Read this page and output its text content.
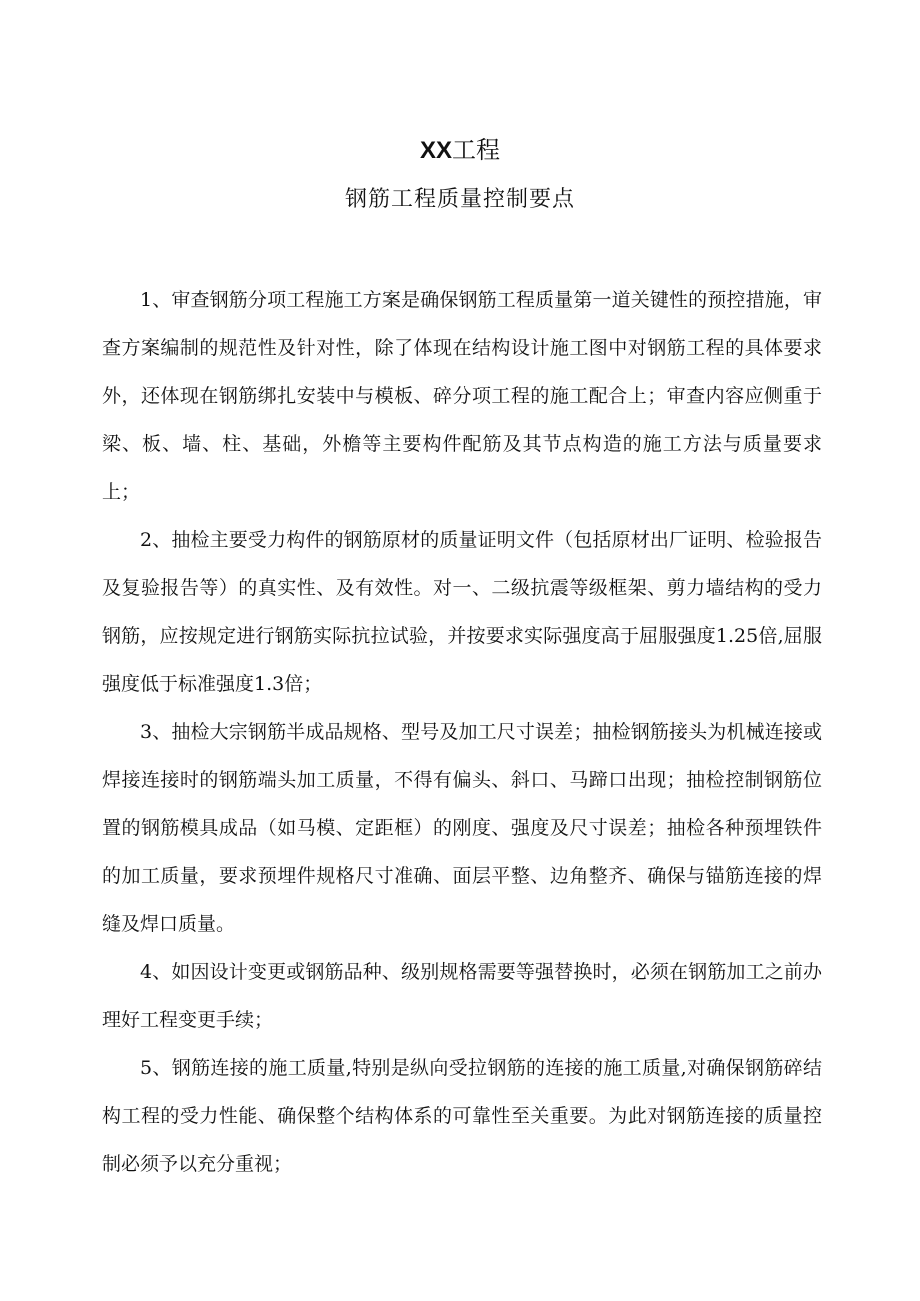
XX工程
钢筋工程质量控制要点

1、审查钢筋分项工程施工方案是确保钢筋工程质量第一道关键性的预控措施，审查方案编制的规范性及针对性，除了体现在结构设计施工图中对钢筋工程的具体要求外，还体现在钢筋绑扎安装中与模板、碎分项工程的施工配合上；审查内容应侧重于梁、板、墙、柱、基础，外檐等主要构件配筋及其节点构造的施工方法与质量要求上；

2、抽检主要受力构件的钢筋原材的质量证明文件（包括原材出厂证明、检验报告及复验报告等）的真实性、及有效性。对一、二级抗震等级框架、剪力墙结构的受力钢筋，应按规定进行钢筋实际抗拉试验，并按要求实际强度高于屈服强度1.25倍,屈服强度低于标准强度1.3倍；

3、抽检大宗钢筋半成品规格、型号及加工尺寸误差；抽检钢筋接头为机械连接或焊接连接时的钢筋端头加工质量，不得有偏头、斜口、马蹄口出现；抽检控制钢筋位置的钢筋模具成品（如马模、定距框）的刚度、强度及尺寸误差；抽检各种预埋铁件的加工质量，要求预埋件规格尺寸准确、面层平整、边角整齐、确保与锚筋连接的焊缝及焊口质量。

4、如因设计变更或钢筋品种、级别规格需要等强替换时，必须在钢筋加工之前办理好工程变更手续；

5、钢筋连接的施工质量,特别是纵向受拉钢筋的连接的施工质量,对确保钢筋碎结构工程的受力性能、确保整个结构体系的可靠性至关重要。为此对钢筋连接的质量控制必须予以充分重视；
